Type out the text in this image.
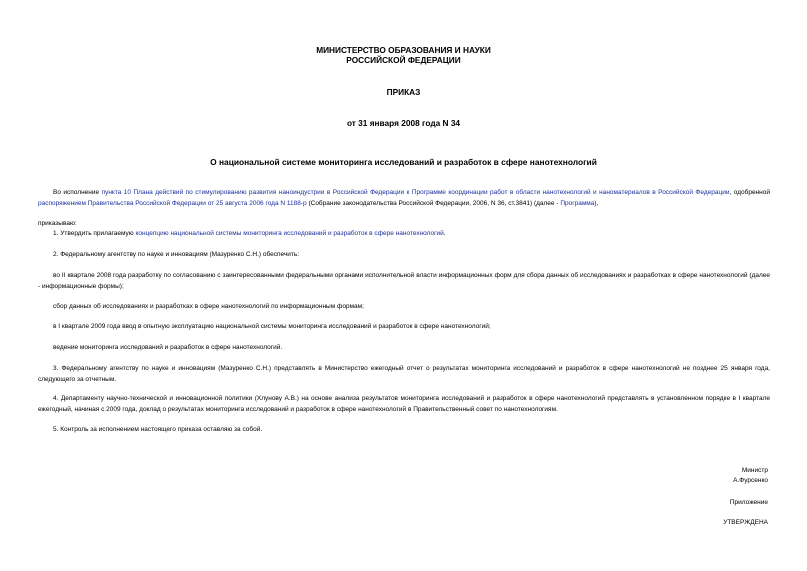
МИНИСТЕРСТВО ОБРАЗОВАНИЯ И НАУКИ
РОССИЙСКОЙ ФЕДЕРАЦИИ
ПРИКАЗ
от 31 января 2008 года N 34
О национальной системе мониторинга исследований и разработок в сфере нанотехнологий
Во исполнение пункта 10 Плана действий по стимулированию развития наноиндустрии в Российской Федерации к Программе координации работ в области нанотехнологий и наноматериалов в Российской Федерации, одобренной распоряжением Правительства Российской Федерации от 25 августа 2006 года N 1188-р (Собрание законодательства Российской Федерации, 2006, N 36, ст.3841) (далее - Программа),
приказываю:
1. Утвердить прилагаемую концепцию национальной системы мониторинга исследований и разработок в сфере нанотехнологий.
2. Федеральному агентству по науке и инновациям (Мазуренко С.Н.) обеспечить:
во II квартале 2008 года разработку по согласованию с заинтересованными федеральными органами исполнительной власти информационных форм для сбора данных об исследованиях и разработках в сфере нанотехнологий (далее - информационные формы);
сбор данных об исследованиях и разработках в сфере нанотехнологий по информационным формам;
в I квартале 2009 года ввод в опытную эксплуатацию национальной системы мониторинга исследований и разработок в сфере нанотехнологий;
ведение мониторинга исследований и разработок в сфере нанотехнологий.
3. Федеральному агентству по науке и инновациям (Мазуренко С.Н.) представлять в Министерство ежегодный отчет о результатах мониторинга исследований и разработок в сфере нанотехнологий не позднее 25 января года, следующего за отчетным.
4. Департаменту научно-технической и инновационной политики (Хлунову А.В.) на основе анализа результатов мониторинга исследований и разработок в сфере нанотехнологий представлять в установленном порядке в I квартале ежегодный, начиная с 2009 года, доклад о результатах мониторинга исследований и разработок в сфере нанотехнологий в Правительственный совет по нанотехнологиям.
5. Контроль за исполнением настоящего приказа оставляю за собой.
Министр
А.Фурсенко
Приложение
УТВЕРЖДЕНА
